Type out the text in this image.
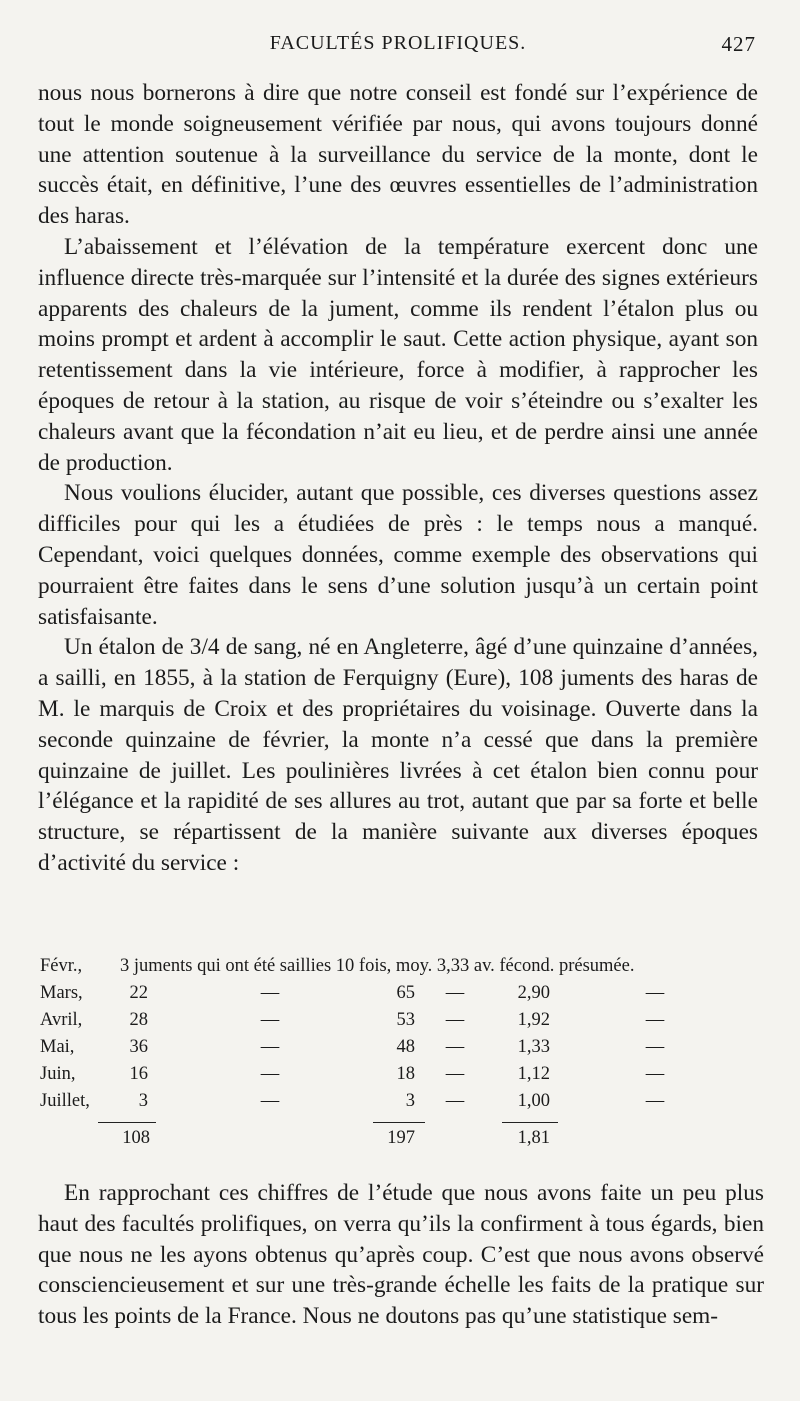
FACULTÉS PROLIFIQUES.	427

nous nous bornerons à dire que notre conseil est fondé sur l’expérience de tout le monde soigneusement vérifiée par nous, qui avons toujours donné une attention soutenue à la surveillance du service de la monte, dont le succès était, en définitive, l’une des œuvres essentielles de l’administration des haras.

L’abaissement et l’élévation de la température exercent donc une influence directe très-marquée sur l’intensité et la durée des signes extérieurs apparents des chaleurs de la jument, comme ils rendent l’étalon plus ou moins prompt et ardent à accomplir le saut. Cette action physique, ayant son retentissement dans la vie intérieure, force à modifier, à rapprocher les époques de retour à la station, au risque de voir s’éteindre ou s’exalter les chaleurs avant que la fécondation n’ait eu lieu, et de perdre ainsi une année de production.

Nous voulions élucider, autant que possible, ces diverses questions assez difficiles pour qui les a étudiées de près : le temps nous a manqué. Cependant, voici quelques données, comme exemple des observations qui pourraient être faites dans le sens d’une solution jusqu’à un certain point satisfaisante.

Un étalon de 3/4 de sang, né en Angleterre, âgé d’une quinzaine d’années, a sailli, en 1855, à la station de Ferquigny (Eure), 108 juments des haras de M. le marquis de Croix et des propriétaires du voisinage. Ouverte dans la seconde quinzaine de février, la monte n’a cessé que dans la première quinzaine de juillet. Les poulinières livrées à cet étalon bien connu pour l’élégance et la rapidité de ses allures au trot, autant que par sa forte et belle structure, se répartissent de la manière suivante aux diverses époques d’activité du service :

Févr., 3 juments qui ont été saillies 10 fois, moy. 3,33 av. fécond. présumée.
Mars,	22	—	65	—	2,90	—
Avril,	28	—	53	—	1,92	—
Mai,	36	—	48	—	1,33	—
Juin,	16	—	18	—	1,12	—
Juillet,	3	—	3	—	1,00	—
108	197	1,81

En rapprochant ces chiffres de l’étude que nous avons faite un peu plus haut des facultés prolifiques, on verra qu’ils la confirment à tous égards, bien que nous ne les ayons obtenus qu’après coup. C’est que nous avons observé consciencieusement et sur une très-grande échelle les faits de la pratique sur tous les points de la France. Nous ne doutons pas qu’une statistique sem-
